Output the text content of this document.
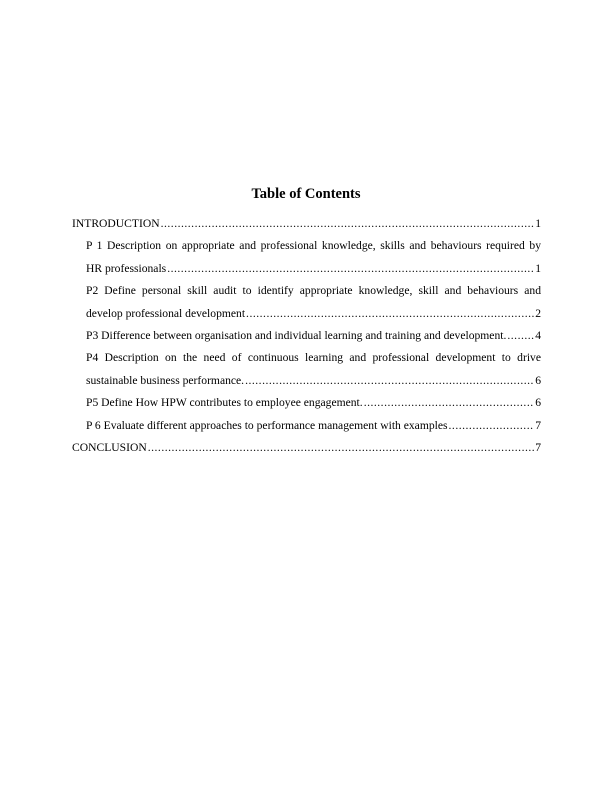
Table of Contents
INTRODUCTION .....	1
P 1 Description on appropriate and professional knowledge, skills and behaviours required by
HR professionals .....	1
P2 Define personal skill audit to identify appropriate knowledge, skill and behaviours and
develop professional development .....	2
P3 Difference between organisation and individual learning and training and development. ..... 4
P4 Description on the need of continuous learning and professional development to drive
sustainable business performance. .....	6
P5 Define How HPW contributes to employee engagement. .....	6
P 6 Evaluate different approaches to performance management with examples .....	7
CONCLUSION .....	7
